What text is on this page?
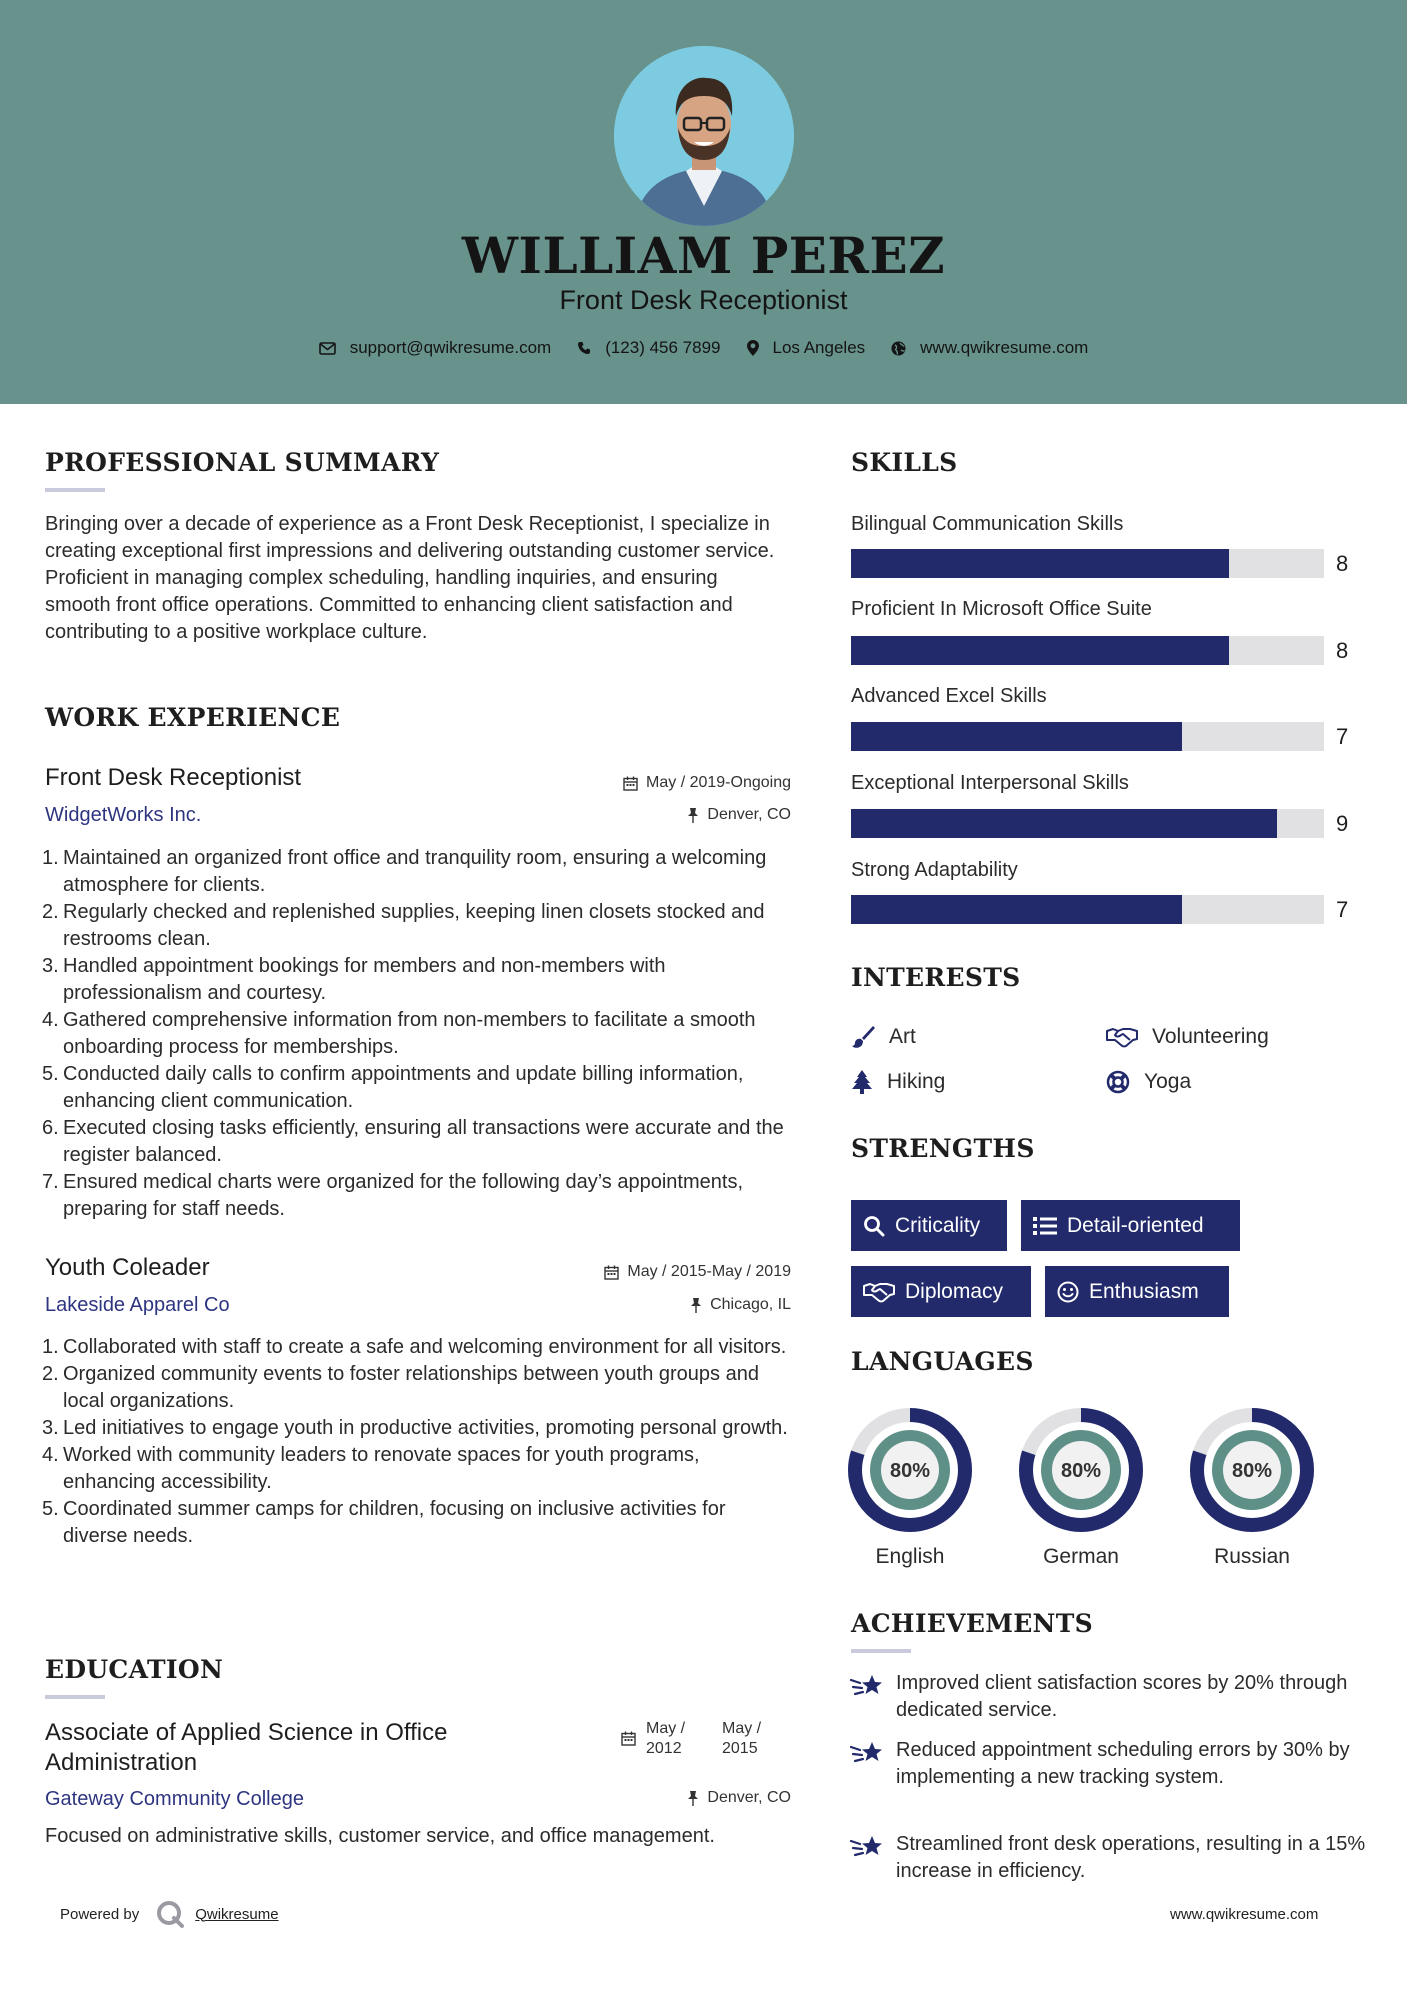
WILLIAM PEREZ
Front Desk Receptionist
support@qwikresume.com	(123) 456 7899	Los Angeles	www.qwikresume.com
PROFESSIONAL SUMMARY
Bringing over a decade of experience as a Front Desk Receptionist, I specialize in creating exceptional first impressions and delivering outstanding customer service. Proficient in managing complex scheduling, handling inquiries, and ensuring smooth front office operations. Committed to enhancing client satisfaction and contributing to a positive workplace culture.
WORK EXPERIENCE
Front Desk Receptionist	May / 2019-Ongoing
WidgetWorks Inc.	Denver, CO
1. Maintained an organized front office and tranquility room, ensuring a welcoming atmosphere for clients.
2. Regularly checked and replenished supplies, keeping linen closets stocked and restrooms clean.
3. Handled appointment bookings for members and non-members with professionalism and courtesy.
4. Gathered comprehensive information from non-members to facilitate a smooth onboarding process for memberships.
5. Conducted daily calls to confirm appointments and update billing information, enhancing client communication.
6. Executed closing tasks efficiently, ensuring all transactions were accurate and the register balanced.
7. Ensured medical charts were organized for the following day’s appointments, preparing for staff needs.
Youth Coleader	May / 2015-May / 2019
Lakeside Apparel Co	Chicago, IL
1. Collaborated with staff to create a safe and welcoming environment for all visitors.
2. Organized community events to foster relationships between youth groups and local organizations.
3. Led initiatives to engage youth in productive activities, promoting personal growth.
4. Worked with community leaders to renovate spaces for youth programs, enhancing accessibility.
5. Coordinated summer camps for children, focusing on inclusive activities for diverse needs.
EDUCATION
Associate of Applied Science in Office Administration
May / 2012
May / 2015
Gateway Community College	Denver, CO
Focused on administrative skills, customer service, and office management.
Powered by	Qwikresume	www.qwikresume.com
SKILLS
Bilingual Communication Skills
8
Proficient In Microsoft Office Suite
8
Advanced Excel Skills
7
Exceptional Interpersonal Skills
9
Strong Adaptability
7
INTERESTS
Art	Volunteering
Hiking	Yoga
STRENGTHS
Criticality	Detail-oriented
Diplomacy	Enthusiasm
LANGUAGES
80%
English
80%
German
80%
Russian
ACHIEVEMENTS
Improved client satisfaction scores by 20% through dedicated service.
Reduced appointment scheduling errors by 30% by implementing a new tracking system.
Streamlined front desk operations, resulting in a 15% increase in efficiency.
